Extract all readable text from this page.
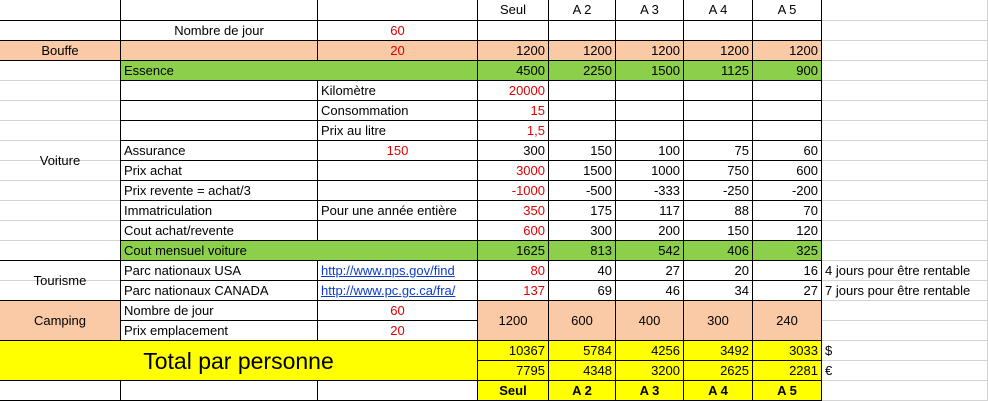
Seul	A 2	A 3	A 4	A 5
Nombre de jour	60
Bouffe	20	1200	1200	1200	1200	1200
Voiture
Essence	4500	2250	1500	1125	900
Kilomètre	20000
Consommation	15
Prix au litre	1,5
Assurance	150	300	150	100	75	60
Prix achat	3000	1500	1000	750	600
Prix revente = achat/3	-1000	-500	-333	-250	-200
Immatriculation	Pour une année entière	350	175	117	88	70
Cout achat/revente	600	300	200	150	120
Cout mensuel voiture	1625	813	542	406	325
Tourisme
Parc nationaux USA	http://www.nps.gov/find	80	40	27	20	16 4 jours pour être rentable
Parc nationaux CANADA	http://www.pc.gc.ca/fra/	137	69	46	34	27 7 jours pour être rentable
Camping
Nombre de jour	60
Prix emplacement	20
1200	600	400	300	240
Total par personne	10367	5784	4256	3492	3033 $
7795	4348	3200	2625	2281 €
Seul	A 2	A 3	A 4	A 5
